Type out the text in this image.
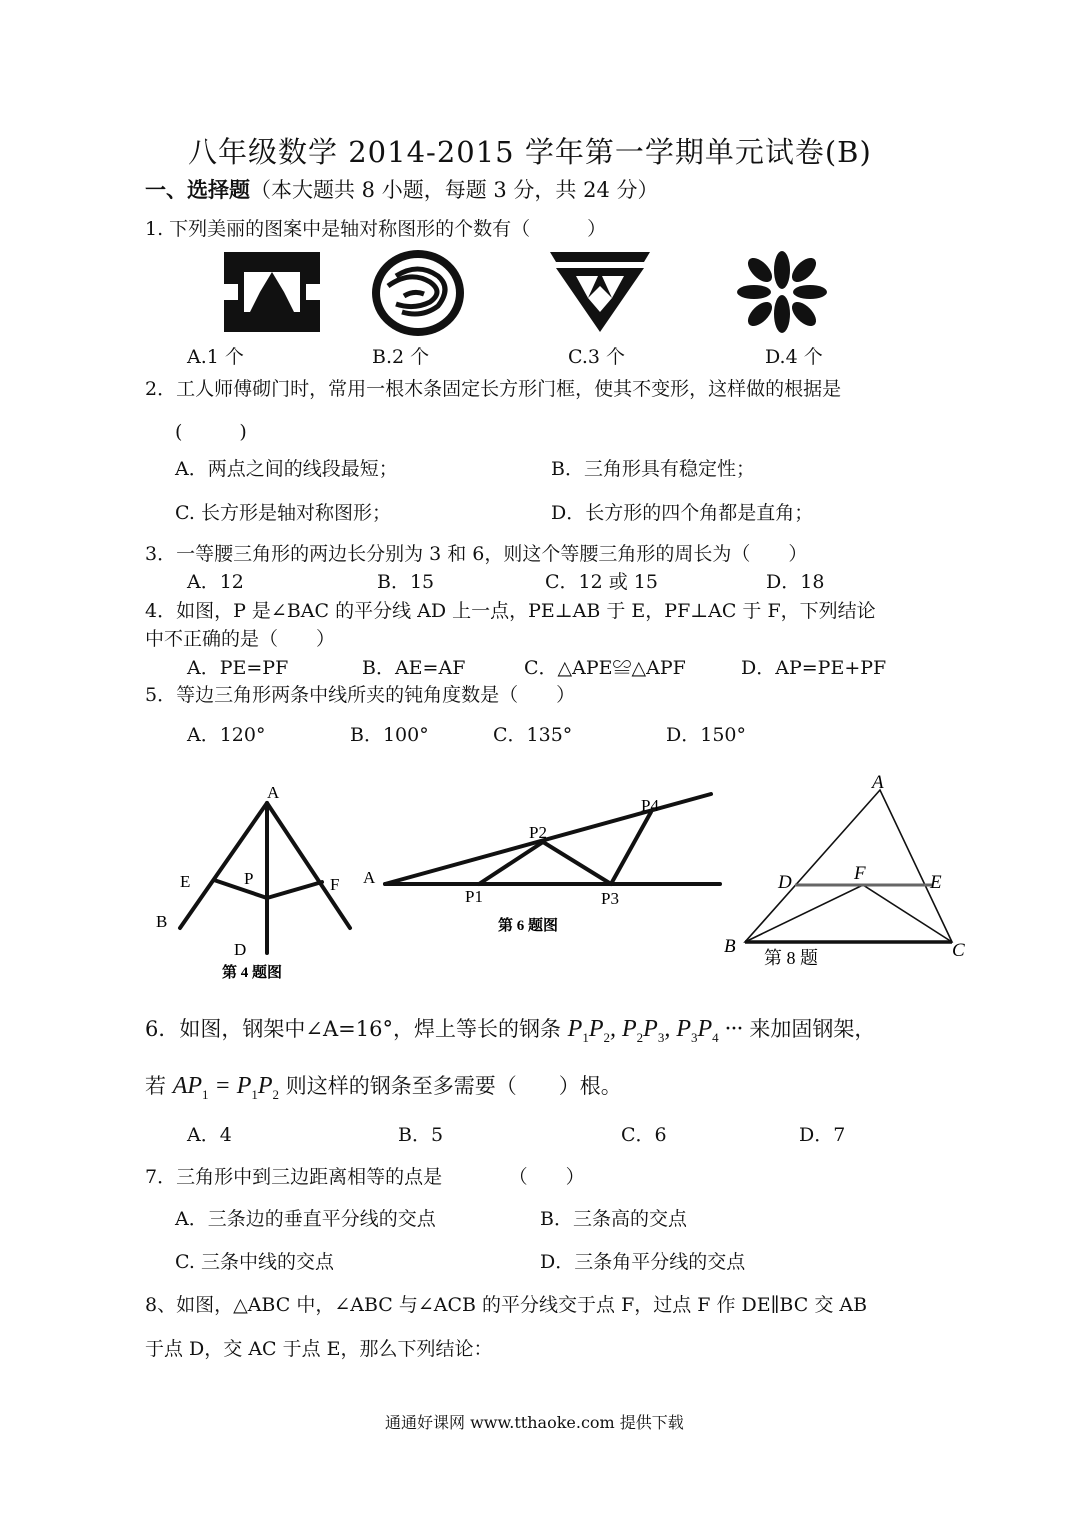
八年级数学 2014-2015 学年第一学期单元试卷(B)
一、选择题（本大题共 8 小题，每题 3 分，共 24 分）
1. 下列美丽的图案中是轴对称图形的个数有（　　　）
A.1 个	B.2 个	C.3 个	D.4 个
2．工人师傅砌门时，常用一根木条固定长方形门框，使其不变形，这样做的根据是
(　　　)
A．两点之间的线段最短；	B．三角形具有稳定性；
C. 长方形是轴对称图形；	D．长方形的四个角都是直角；
3．一等腰三角形的两边长分别为 3 和 6，则这个等腰三角形的周长为（　　）
A．12	B．15	C．12 或 15	D．18
4．如图，P 是∠BAC 的平分线 AD 上一点，PE⊥AB 于 E，PF⊥AC 于 F，下列结论
中不正确的是（　　）
A．PE=PF	B．AE=AF	C．△APE≌△APF	D．AP=PE+PF
5．等边三角形两条中线所夹的钝角度数是（　　）
A．120°	B．100°	C．135°	D．150°
A
E	P	F
B
D
第 4 题图
A
P1
P2
P3
P4
第 6 题图
A
D	F	E
B	C
第 8 题
6．如图，钢架中∠A=16°，焊上等长的钢条 $P_1P_2$, $P_2P_3$, $P_3P_4$ ··· 来加固钢架，
若 $AP_1 = P_1P_2$ 则这样的钢条至多需要（　　）根。
A．4	B．5	C．6	D．7
7．三角形中到三边距离相等的点是　　　　（　　）
A．三条边的垂直平分线的交点	B．三条高的交点
C. 三条中线的交点	D．三条角平分线的交点
8、如图，△ABC 中，∠ABC 与∠ACB 的平分线交于点 F，过点 F 作 DE∥BC 交 AB
于点 D，交 AC 于点 E，那么下列结论：
通通好课网 www.tthaoke.com 提供下载
